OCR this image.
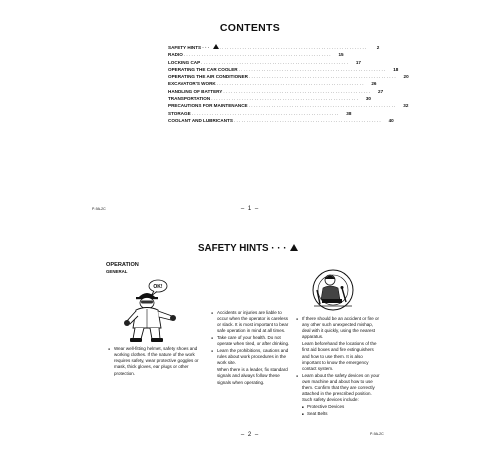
CONTENTS
SAFETY HINTS · · · . . . . . . . . . . . . . . . . . . . . . . . . . . . . . . . . . . . . . . . . . . . . . . . . . . . . . . . . . .	2
RADIO . . . . . . . . . . . . . . . . . . . . . . . . . . . . . . . . . . . . . . . . . . . . . . . . . . . . . . . . . .	15
LOCKING CAP . . . . . . . . . . . . . . . . . . . . . . . . . . . . . . . . . . . . . . . . . . . . . . . . . . . . . . . . . .	17
OPERATING THE CAR COOLER . . . . . . . . . . . . . . . . . . . . . . . . . . . . . . . . . . . . . . . . . . . . . . . . . . . . . . . . . .	18
OPERATING THE AIR CONDITIONER . . . . . . . . . . . . . . . . . . . . . . . . . . . . . . . . . . . . . . . . . . . . . . . . . . . . . . . . . .	20
EXCAVATOR'S WORK . . . . . . . . . . . . . . . . . . . . . . . . . . . . . . . . . . . . . . . . . . . . . . . . . . . . . . . . . .	26
HANDLING OF BATTERY . . . . . . . . . . . . . . . . . . . . . . . . . . . . . . . . . . . . . . . . . . . . . . . . . . . . . . . . . .	27
TRANSPORTATION . . . . . . . . . . . . . . . . . . . . . . . . . . . . . . . . . . . . . . . . . . . . . . . . . . . . . . . . . .	30
PRECAUTIONS FOR MAINTENANCE . . . . . . . . . . . . . . . . . . . . . . . . . . . . . . . . . . . . . . . . . . . . . . . . . . . . . . . . . .	32
STORAGE . . . . . . . . . . . . . . . . . . . . . . . . . . . . . . . . . . . . . . . . . . . . . . . . . . . . . . . . . .	38
COOLANT AND LUBRICANTS . . . . . . . . . . . . . . . . . . . . . . . . . . . . . . . . . . . . . . . . . . . . . . . . . . . . . . . . . .	40
P-9A-2C	– 1 –
SAFETY HINTS · · ·
OPERATION
GENERAL
OK!
● Wear well-fitting helmet, safety shoes and working clothes. If the nature of the work requires safety, wear protective goggles or mask, thick gloves, ear plugs or other protection.
● Accidents or injuries are liable to occur when the operator is careless or slack. It is most important to bear safe operation in mind at all times.
● Take care of your health. Do not operate when tired, or after drinking.
● Learn the prohibitions, cautions and rules about work procedures in the work site.
When there is a leader, fix standard signals and always follow these signals when operating.
● If there should be an accident or fire or any other such unexpected mishap, deal with it quickly, using the nearest apparatus.
Learn beforehand the locations of the first aid boxes and fire extinguishers and how to use them. It is also important to know the emergency contact system.
● Learn about the safety devices on your own machine and about how to use them. Confirm that they are correctly attached in the prescribed position. Such safety devices include:
■ Protective Devices
■ Seat Belts
– 2 –	P-9A-2C
